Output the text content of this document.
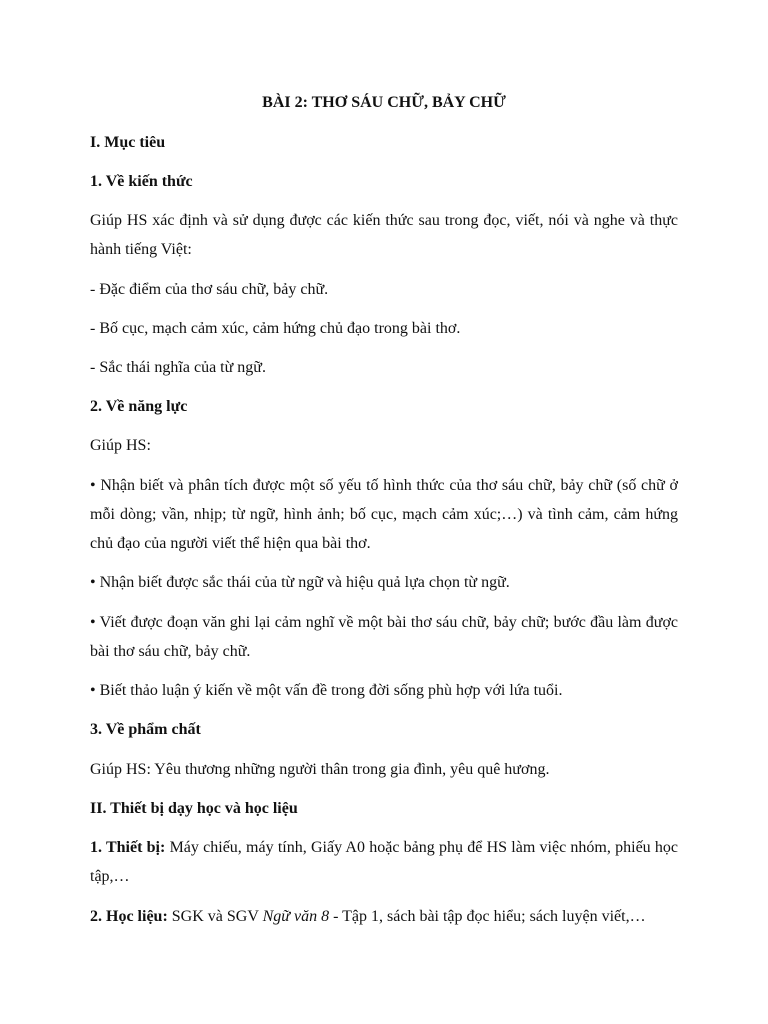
BÀI 2: THƠ SÁU CHỮ, BẢY CHỮ

I. Mục tiêu

1. Về kiến thức

Giúp HS xác định và sử dụng được các kiến thức sau trong đọc, viết, nói và nghe và thực hành tiếng Việt:

- Đặc điểm của thơ sáu chữ, bảy chữ.

- Bố cục, mạch cảm xúc, cảm hứng chủ đạo trong bài thơ.

- Sắc thái nghĩa của từ ngữ.

2. Về năng lực

Giúp HS:

• Nhận biết và phân tích được một số yếu tố hình thức của thơ sáu chữ, bảy chữ (số chữ ở mỗi dòng; vần, nhịp; từ ngữ, hình ảnh; bố cục, mạch cảm xúc;…) và tình cảm, cảm hứng chủ đạo của người viết thể hiện qua bài thơ.

• Nhận biết được sắc thái của từ ngữ và hiệu quả lựa chọn từ ngữ.

• Viết được đoạn văn ghi lại cảm nghĩ về một bài thơ sáu chữ, bảy chữ; bước đầu làm được bài thơ sáu chữ, bảy chữ.

• Biết thảo luận ý kiến về một vấn đề trong đời sống phù hợp với lứa tuổi.

3. Về phẩm chất

Giúp HS: Yêu thương những người thân trong gia đình, yêu quê hương.

II. Thiết bị dạy học và học liệu

1. Thiết bị: Máy chiếu, máy tính, Giấy A0 hoặc bảng phụ để HS làm việc nhóm, phiếu học tập,…

2. Học liệu: SGK và SGV Ngữ văn 8 - Tập 1, sách bài tập đọc hiểu; sách luyện viết,…
